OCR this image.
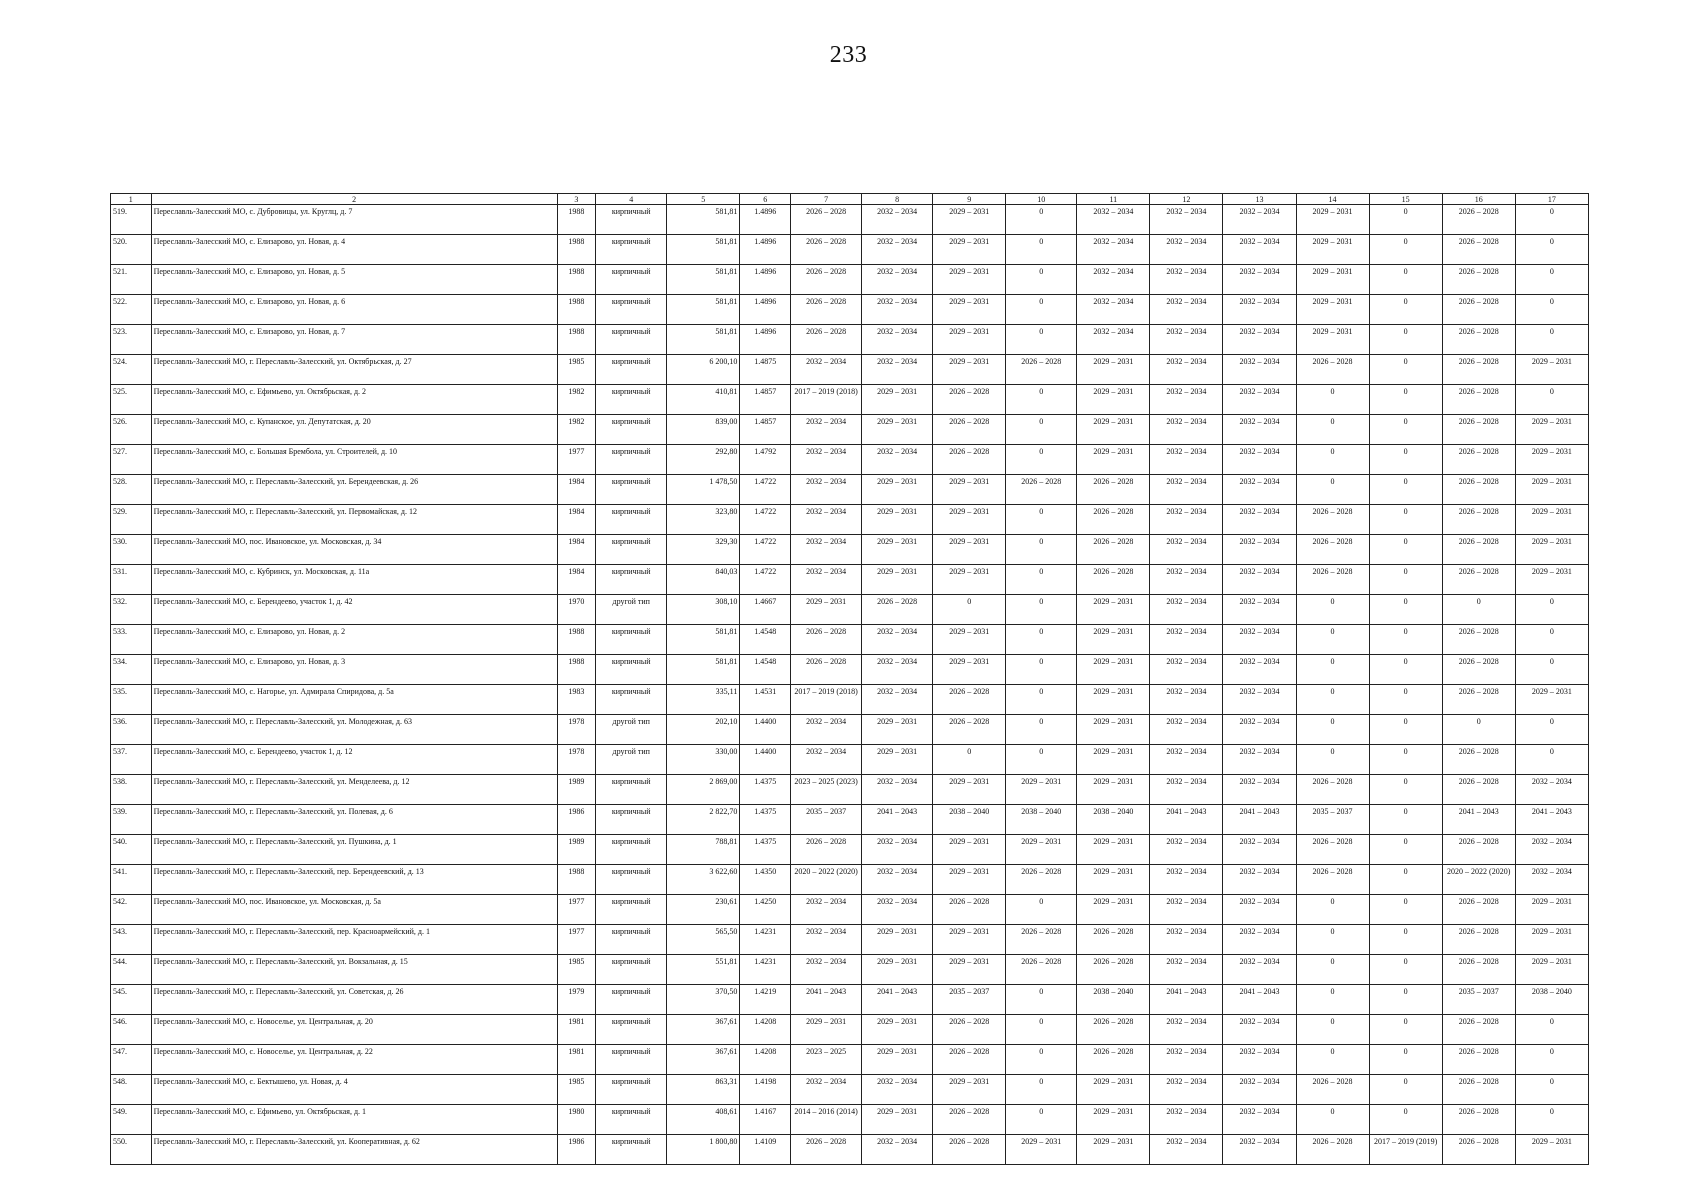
233
1	2	3	4	5	6	7	8	9	10	11	12	13	14	15	16	17
519.	Переславль-Залесский МО, с. Дубровицы, ул. Круглц, д. 7	1988	кирпичный	581,81	1.4896	2026 – 2028	2032 – 2034	2029 – 2031	0	2032 – 2034	2032 – 2034	2032 – 2034	2029 – 2031	0	2026 – 2028	0
520.	Переславль-Залесский МО, с. Елизарово, ул. Новая, д. 4	1988	кирпичный	581,81	1.4896	2026 – 2028	2032 – 2034	2029 – 2031	0	2032 – 2034	2032 – 2034	2032 – 2034	2029 – 2031	0	2026 – 2028	0
521.	Переславль-Залесский МО, с. Елизарово, ул. Новая, д. 5	1988	кирпичный	581,81	1.4896	2026 – 2028	2032 – 2034	2029 – 2031	0	2032 – 2034	2032 – 2034	2032 – 2034	2029 – 2031	0	2026 – 2028	0
522.	Переславль-Залесский МО, с. Елизарово, ул. Новая, д. 6	1988	кирпичный	581,81	1.4896	2026 – 2028	2032 – 2034	2029 – 2031	0	2032 – 2034	2032 – 2034	2032 – 2034	2029 – 2031	0	2026 – 2028	0
523.	Переславль-Залесский МО, с. Елизарово, ул. Новая, д. 7	1988	кирпичный	581,81	1.4896	2026 – 2028	2032 – 2034	2029 – 2031	0	2032 – 2034	2032 – 2034	2032 – 2034	2029 – 2031	0	2026 – 2028	0
524.	Переславль-Залесский МО, г. Переславль-Залесский, ул. Октябрьская, д. 27	1985	кирпичный	6 200,10	1.4875	2032 – 2034	2032 – 2034	2029 – 2031	2026 – 2028	2029 – 2031	2032 – 2034	2032 – 2034	2026 – 2028	0	2026 – 2028	2029 – 2031
525.	Переславль-Залесский МО, с. Ефимьево, ул. Октябрьская, д. 2	1982	кирпичный	410,81	1.4857	2017 – 2019 (2018)	2029 – 2031	2026 – 2028	0	2029 – 2031	2032 – 2034	2032 – 2034	0	0	2026 – 2028	0
526.	Переславль-Залесский МО, с. Купанское, ул. Депутатская, д. 20	1982	кирпичный	839,00	1.4857	2032 – 2034	2029 – 2031	2026 – 2028	0	2029 – 2031	2032 – 2034	2032 – 2034	0	0	2026 – 2028	2029 – 2031
527.	Переславль-Залесский МО, с. Большая Брембола, ул. Строителей, д. 10	1977	кирпичный	292,80	1.4792	2032 – 2034	2032 – 2034	2026 – 2028	0	2029 – 2031	2032 – 2034	2032 – 2034	0	0	2026 – 2028	2029 – 2031
528.	Переславль-Залесский МО, г. Переславль-Залесский, ул. Берендеевская, д. 26	1984	кирпичный	1 478,50	1.4722	2032 – 2034	2029 – 2031	2029 – 2031	2026 – 2028	2026 – 2028	2032 – 2034	2032 – 2034	0	0	2026 – 2028	2029 – 2031
529.	Переславль-Залесский МО, г. Переславль-Залесский, ул. Первомайская, д. 12	1984	кирпичный	323,80	1.4722	2032 – 2034	2029 – 2031	2029 – 2031	0	2026 – 2028	2032 – 2034	2032 – 2034	2026 – 2028	0	2026 – 2028	2029 – 2031
530.	Переславль-Залесский МО, пос. Ивановское, ул. Московская, д. 34	1984	кирпичный	329,30	1.4722	2032 – 2034	2029 – 2031	2029 – 2031	0	2026 – 2028	2032 – 2034	2032 – 2034	2026 – 2028	0	2026 – 2028	2029 – 2031
531.	Переславль-Залесский МО, с. Кубринск, ул. Московская, д. 11а	1984	кирпичный	840,03	1.4722	2032 – 2034	2029 – 2031	2029 – 2031	0	2026 – 2028	2032 – 2034	2032 – 2034	2026 – 2028	0	2026 – 2028	2029 – 2031
532.	Переславль-Залесский МО, с. Берендеево, участок 1, д. 42	1970	другой тип	308,10	1.4667	2029 – 2031	2026 – 2028	0	0	2029 – 2031	2032 – 2034	2032 – 2034	0	0	0	0
533.	Переславль-Залесский МО, с. Елизарово, ул. Новая, д. 2	1988	кирпичный	581,81	1.4548	2026 – 2028	2032 – 2034	2029 – 2031	0	2029 – 2031	2032 – 2034	2032 – 2034	0	0	2026 – 2028	0
534.	Переславль-Залесский МО, с. Елизарово, ул. Новая, д. 3	1988	кирпичный	581,81	1.4548	2026 – 2028	2032 – 2034	2029 – 2031	0	2029 – 2031	2032 – 2034	2032 – 2034	0	0	2026 – 2028	0
535.	Переславль-Залесский МО, с. Нагорье, ул. Адмирала Спиридова, д. 5а	1983	кирпичный	335,11	1.4531	2017 – 2019 (2018)	2032 – 2034	2026 – 2028	0	2029 – 2031	2032 – 2034	2032 – 2034	0	0	2026 – 2028	2029 – 2031
536.	Переславль-Залесский МО, г. Переславль-Залесский, ул. Молодежная, д. 63	1978	другой тип	202,10	1.4400	2032 – 2034	2029 – 2031	2026 – 2028	0	2029 – 2031	2032 – 2034	2032 – 2034	0	0	0	0
537.	Переславль-Залесский МО, с. Берендеево, участок 1, д. 12	1978	другой тип	330,00	1.4400	2032 – 2034	2029 – 2031	0	0	2029 – 2031	2032 – 2034	2032 – 2034	0	0	2026 – 2028	0
538.	Переславль-Залесский МО, г. Переславль-Залесский, ул. Менделеева, д. 12	1989	кирпичный	2 869,00	1.4375	2023 – 2025 (2023)	2032 – 2034	2029 – 2031	2029 – 2031	2029 – 2031	2032 – 2034	2032 – 2034	2026 – 2028	0	2026 – 2028	2032 – 2034
539.	Переславль-Залесский МО, г. Переславль-Залесский, ул. Полевая, д. 6	1986	кирпичный	2 822,70	1.4375	2035 – 2037	2041 – 2043	2038 – 2040	2038 – 2040	2038 – 2040	2041 – 2043	2041 – 2043	2035 – 2037	0	2041 – 2043	2041 – 2043
540.	Переславль-Залесский МО, г. Переславль-Залесский, ул. Пушкина, д. 1	1989	кирпичный	788,81	1.4375	2026 – 2028	2032 – 2034	2029 – 2031	2029 – 2031	2029 – 2031	2032 – 2034	2032 – 2034	2026 – 2028	0	2026 – 2028	2032 – 2034
541.	Переславль-Залесский МО, г. Переславль-Залесский, пер. Берендеевский, д. 13	1988	кирпичный	3 622,60	1.4350	2020 – 2022 (2020)	2032 – 2034	2029 – 2031	2026 – 2028	2029 – 2031	2032 – 2034	2032 – 2034	2026 – 2028	0	2020 – 2022 (2020)	2032 – 2034
542.	Переславль-Залесский МО, пос. Ивановское, ул. Московская, д. 5а	1977	кирпичный	230,61	1.4250	2032 – 2034	2032 – 2034	2026 – 2028	0	2029 – 2031	2032 – 2034	2032 – 2034	0	0	2026 – 2028	2029 – 2031
543.	Переславль-Залесский МО, г. Переславль-Залесский, пер. Красноармейский, д. 1	1977	кирпичный	565,50	1.4231	2032 – 2034	2029 – 2031	2029 – 2031	2026 – 2028	2026 – 2028	2032 – 2034	2032 – 2034	0	0	2026 – 2028	2029 – 2031
544.	Переславль-Залесский МО, г. Переславль-Залесский, ул. Вокзальная, д. 15	1985	кирпичный	551,81	1.4231	2032 – 2034	2029 – 2031	2029 – 2031	2026 – 2028	2026 – 2028	2032 – 2034	2032 – 2034	0	0	2026 – 2028	2029 – 2031
545.	Переславль-Залесский МО, г. Переславль-Залесский, ул. Советская, д. 26	1979	кирпичный	370,50	1.4219	2041 – 2043	2041 – 2043	2035 – 2037	0	2038 – 2040	2041 – 2043	2041 – 2043	0	0	2035 – 2037	2038 – 2040
546.	Переславль-Залесский МО, с. Новоселье, ул. Центральная, д. 20	1981	кирпичный	367,61	1.4208	2029 – 2031	2029 – 2031	2026 – 2028	0	2026 – 2028	2032 – 2034	2032 – 2034	0	0	2026 – 2028	0
547.	Переславль-Залесский МО, с. Новоселье, ул. Центральная, д. 22	1981	кирпичный	367,61	1.4208	2023 – 2025	2029 – 2031	2026 – 2028	0	2026 – 2028	2032 – 2034	2032 – 2034	0	0	2026 – 2028	0
548.	Переславль-Залесский МО, с. Бектышево, ул. Новая, д. 4	1985	кирпичный	863,31	1.4198	2032 – 2034	2032 – 2034	2029 – 2031	0	2029 – 2031	2032 – 2034	2032 – 2034	2026 – 2028	0	2026 – 2028	0
549.	Переславль-Залесский МО, с. Ефимьево, ул. Октябрьская, д. 1	1980	кирпичный	408,61	1.4167	2014 – 2016 (2014)	2029 – 2031	2026 – 2028	0	2029 – 2031	2032 – 2034	2032 – 2034	0	0	2026 – 2028	0
550.	Переславль-Залесский МО, г. Переславль-Залесский, ул. Кооперативная, д. 62	1986	кирпичный	1 800,80	1.4109	2026 – 2028	2032 – 2034	2026 – 2028	2029 – 2031	2029 – 2031	2032 – 2034	2032 – 2034	2026 – 2028	2017 – 2019 (2019)	2026 – 2028	2029 – 2031
